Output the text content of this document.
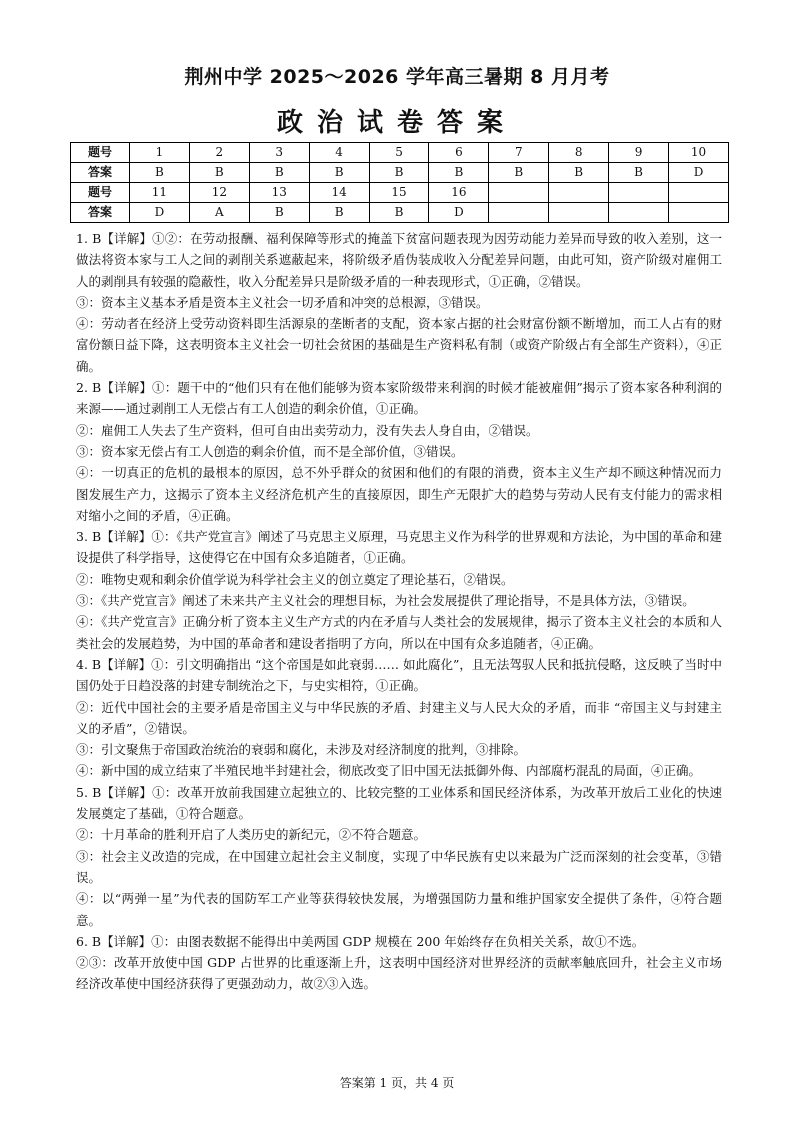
荆州中学 2025～2026 学年高三暑期 8 月月考
政治试卷答案
题号	1	2	3	4	5	6	7	8	9	10
答案	B	B	B	B	B	B	B	B	B	D
题号	11	12	13	14	15	16				
答案	D	A	B	B	B	D				

1. B【详解】①②：在劳动报酬、福利保障等形式的掩盖下贫富问题表现为因劳动能力差异而导致的收入差别，这一做法将资本家与工人之间的剥削关系遮蔽起来，将阶级矛盾伪装成收入分配差异问题，由此可知，资产阶级对雇佣工人的剥削具有较强的隐蔽性，收入分配差异只是阶级矛盾的一种表现形式，①正确，②错误。

③：资本主义基本矛盾是资本主义社会一切矛盾和冲突的总根源，③错误。

④：劳动者在经济上受劳动资料即生活源泉的垄断者的支配，资本家占据的社会财富份额不断增加，而工人占有的财富份额日益下降，这表明资本主义社会一切社会贫困的基础是生产资料私有制（或资产阶级占有全部生产资料），④正确。

2. B【详解】①：题干中的“他们只有在他们能够为资本家阶级带来利润的时候才能被雇佣”揭示了资本家各种利润的来源——通过剥削工人无偿占有工人创造的剩余价值，①正确。

②：雇佣工人失去了生产资料，但可自由出卖劳动力，没有失去人身自由，②错误。

③：资本家无偿占有工人创造的剩余价值，而不是全部价值，③错误。

④：一切真正的危机的最根本的原因，总不外乎群众的贫困和他们的有限的消费，资本主义生产却不顾这种情况而力图发展生产力，这揭示了资本主义经济危机产生的直接原因，即生产无限扩大的趋势与劳动人民有支付能力的需求相对缩小之间的矛盾，④正确。

3. B【详解】①：《共产党宣言》阐述了马克思主义原理，马克思主义作为科学的世界观和方法论，为中国的革命和建设提供了科学指导，这使得它在中国有众多追随者，①正确。

②：唯物史观和剩余价值学说为科学社会主义的创立奠定了理论基石，②错误。

③：《共产党宣言》阐述了未来共产主义社会的理想目标，为社会发展提供了理论指导，不是具体方法，③错误。

④：《共产党宣言》正确分析了资本主义生产方式的内在矛盾与人类社会的发展规律，揭示了资本主义社会的本质和人类社会的发展趋势，为中国的革命者和建设者指明了方向，所以在中国有众多追随者，④正确。

4. B【详解】①：引文明确指出 “这个帝国是如此衰弱…… 如此腐化”，且无法驾驭人民和抵抗侵略，这反映了当时中国仍处于日趋没落的封建专制统治之下，与史实相符，①正确。

②：近代中国社会的主要矛盾是帝国主义与中华民族的矛盾、封建主义与人民大众的矛盾，而非 “帝国主义与封建主义的矛盾”，②错误。

③：引文聚焦于帝国政治统治的衰弱和腐化，未涉及对经济制度的批判，③排除。

④：新中国的成立结束了半殖民地半封建社会，彻底改变了旧中国无法抵御外侮、内部腐朽混乱的局面，④正确。

5. B【详解】①：改革开放前我国建立起独立的、比较完整的工业体系和国民经济体系，为改革开放后工业化的快速发展奠定了基础，①符合题意。

②：十月革命的胜利开启了人类历史的新纪元，②不符合题意。

③：社会主义改造的完成，在中国建立起社会主义制度，实现了中华民族有史以来最为广泛而深刻的社会变革，③错误。

④：以“两弹一星”为代表的国防军工产业等获得较快发展，为增强国防力量和维护国家安全提供了条件，④符合题意。

6. B【详解】①：由图表数据不能得出中美两国 GDP 规模在 200 年始终存在负相关关系，故①不选。

②③：改革开放使中国 GDP 占世界的比重逐渐上升，这表明中国经济对世界经济的贡献率触底回升，社会主义市场经济改革使中国经济获得了更强劲动力，故②③入选。

答案第 1 页，共 4 页
